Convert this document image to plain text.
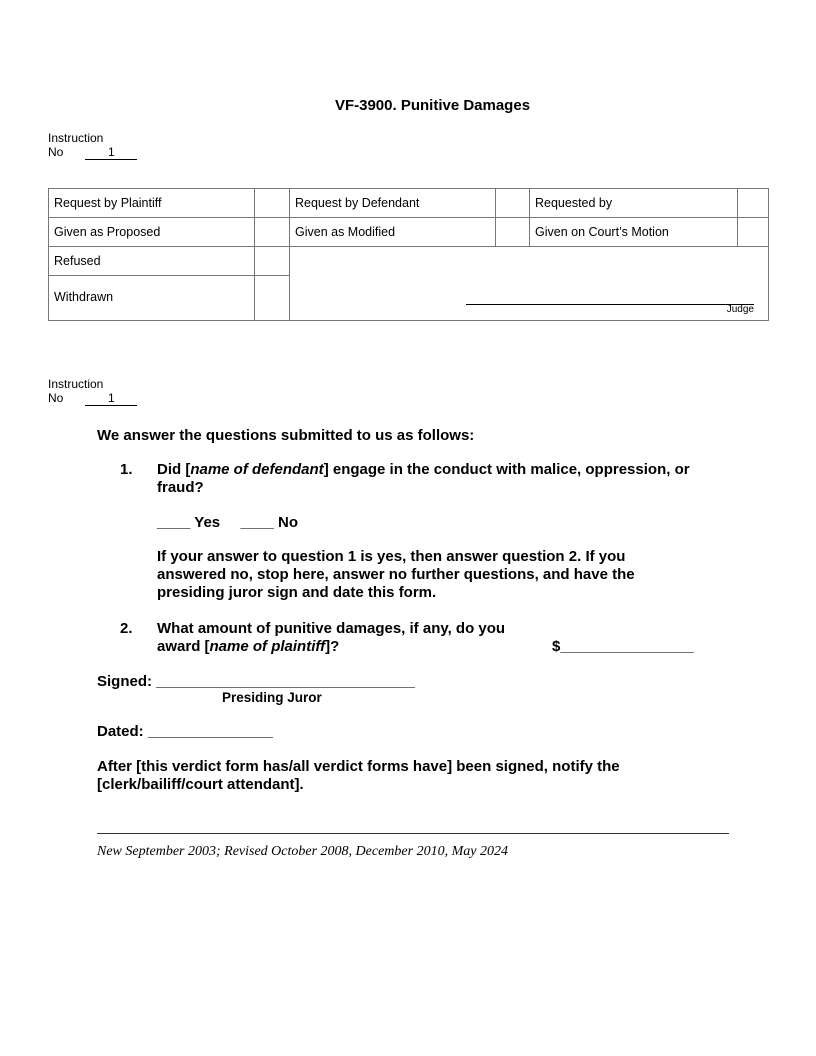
VF-3900. Punitive Damages
Instruction
No	1
Request by Plaintiff	Request by Defendant	Requested by
Given as Proposed	Given as Modified	Given on Court’s Motion
Refused
Withdrawn
Judge
Instruction
No	1
We answer the questions submitted to us as follows:
1. Did [name of defendant] engage in the conduct with malice, oppression, or fraud?
____ Yes ____ No
If your answer to question 1 is yes, then answer question 2. If you answered no, stop here, answer no further questions, and have the presiding juror sign and date this form.
2. What amount of punitive damages, if any, do you
award [name of plaintiff]?	$________________
Signed: _______________________________
Presiding Juror
Dated: _______________
After [this verdict form has/all verdict forms have] been signed, notify the [clerk/bailiff/court attendant].
New September 2003; Revised October 2008, December 2010, May 2024
